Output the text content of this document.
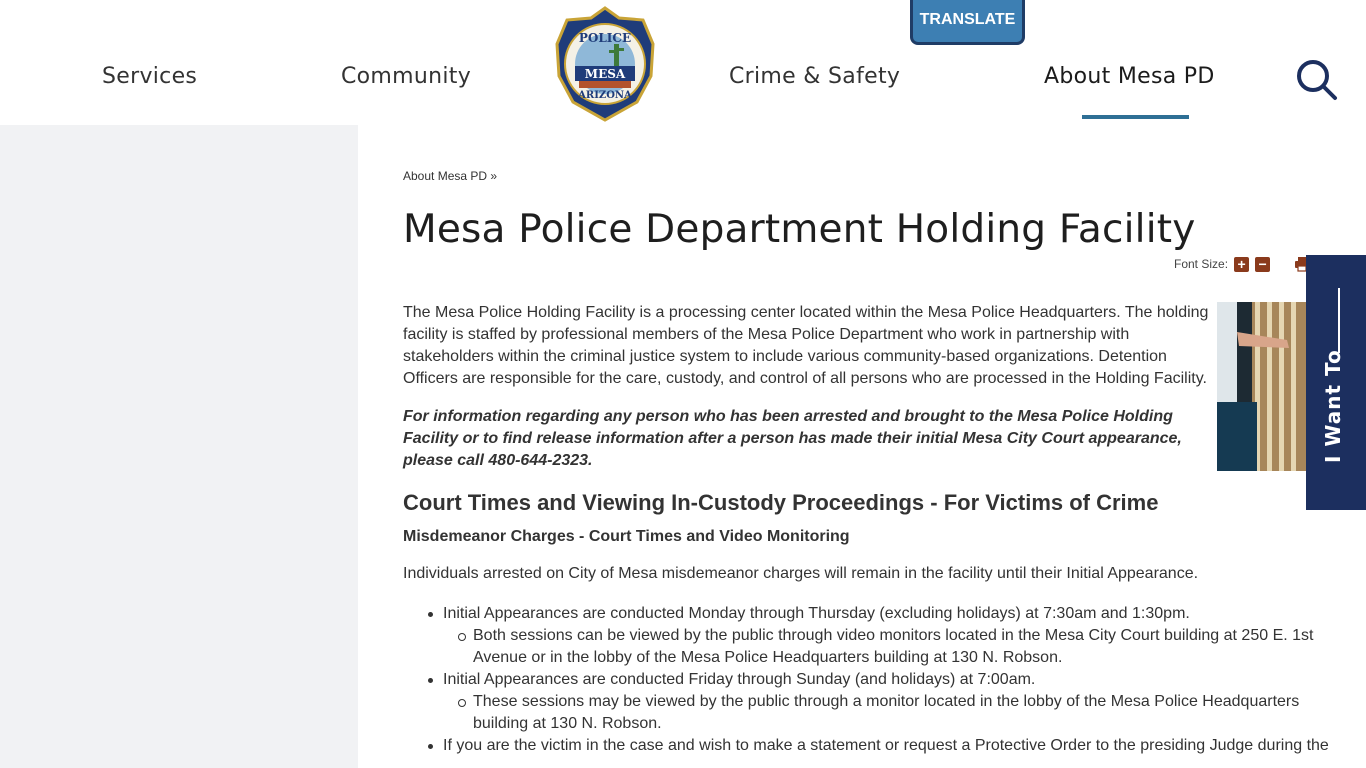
Services	Community
POLICE
MESA
ARIZONA
Crime & Safety	About Mesa PD
TRANSLATE
About Mesa PD »
Mesa Police Department Holding Facility
Font Size: + −

The Mesa Police Holding Facility is a processing center located within the Mesa Police Headquarters. The holding facility is staffed by professional members of the Mesa Police Department who work in partnership with stakeholders within the criminal justice system to include various community-based organizations. Detention Officers are responsible for the care, custody, and control of all persons who are processed in the Holding Facility.

For information regarding any person who has been arrested and brought to the Mesa Police Holding Facility or to find release information after a person has made their initial Mesa City Court appearance, please call 480-644-2323.

Court Times and Viewing In-Custody Proceedings - For Victims of Crime
Misdemeanor Charges - Court Times and Video Monitoring

Individuals arrested on City of Mesa misdemeanor charges will remain in the facility until their Initial Appearance.

Initial Appearances are conducted Monday through Thursday (excluding holidays) at 7:30am and 1:30pm.
Both sessions can be viewed by the public through video monitors located in the Mesa City Court building at 250 E. 1st Avenue or in the lobby of the Mesa Police Headquarters building at 130 N. Robson.
Initial Appearances are conducted Friday through Sunday (and holidays) at 7:00am.
These sessions may be viewed by the public through a monitor located in the lobby of the Mesa Police Headquarters building at 130 N. Robson.
If you are the victim in the case and wish to make a statement or request a Protective Order to the presiding Judge during the
I Want To
